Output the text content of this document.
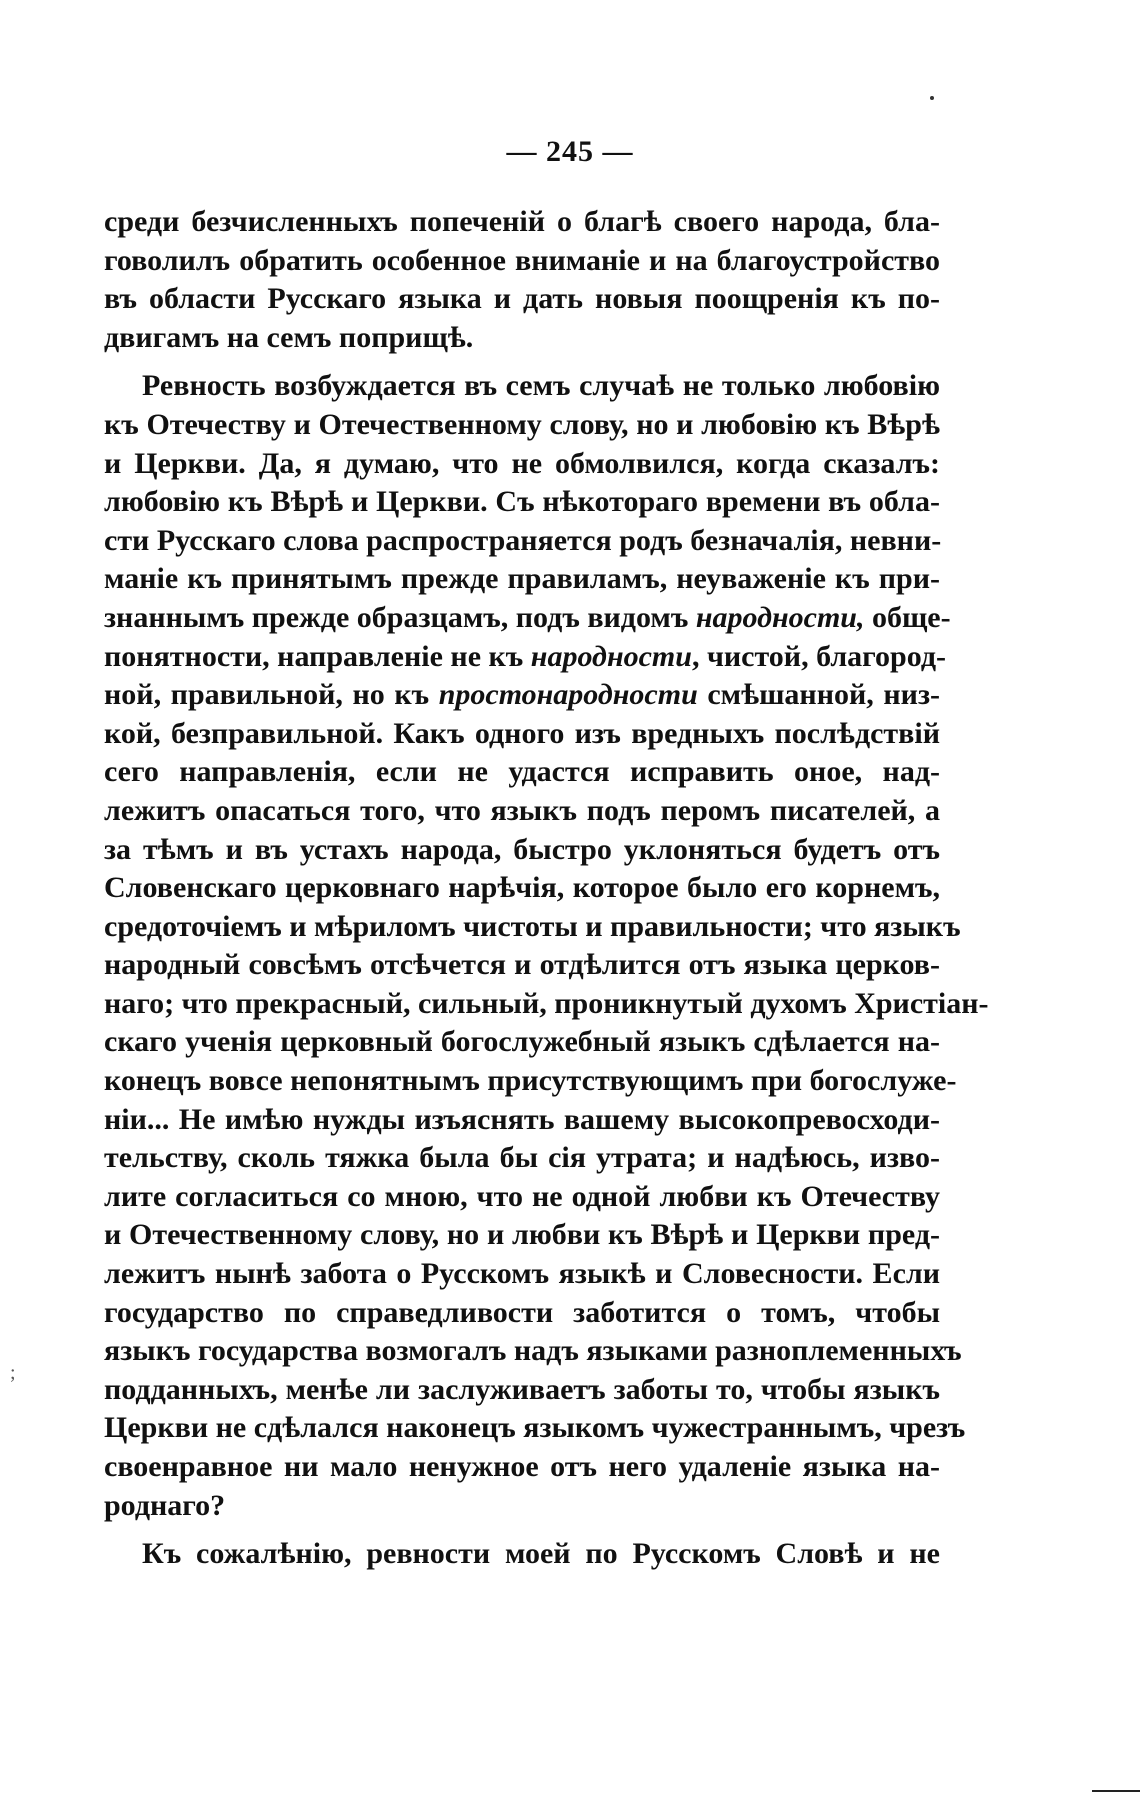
;
— 245 —

среди безчисленныхъ попеченій о благѣ своего народа, бла-
говолилъ обратить особенное вниманіе и на благоустройство
въ области Русскаго языка и дать новыя поощренія къ по-
двигамъ на семъ поприщѣ.

Ревность возбуждается въ семъ случаѣ не только любовію
къ Отечеству и Отечественному слову, но и любовію къ Вѣрѣ
и Церкви. Да, я думаю, что не обмолвился, когда сказалъ:
любовію къ Вѣрѣ и Церкви. Съ нѣкотораго времени въ обла-
сти Русскаго слова распространяется родъ безначалія, невни-
маніе къ принятымъ прежде правиламъ, неуваженіе къ при-
знаннымъ прежде образцамъ, подъ видомъ народности, обще-
понятности, направленіе не къ народности, чистой, благород-
ной, правильной, но къ простонародности смѣшанной, низ-
кой, безправильной. Какъ одного изъ вредныхъ послѣдствій
сего направленія, если не удастся исправить оное, над-
лежитъ опасаться того, что языкъ подъ перомъ писателей, а
за тѣмъ и въ устахъ народа, быстро уклоняться будетъ отъ
Словенскаго церковнаго нарѣчія, которое было его корнемъ,
средоточіемъ и мѣриломъ чистоты и правильности; что языкъ
народный совсѣмъ отсѣчется и отдѣлится отъ языка церков-
наго; что прекрасный, сильный, проникнутый духомъ Христіан-
скаго ученія церковный богослужебный языкъ сдѣлается на-
конецъ вовсе непонятнымъ присутствующимъ при богослуже-
ніи... Не имѣю нужды изъяснять вашему высокопревосходи-
тельству, сколь тяжка была бы сія утрата; и надѣюсь, изво-
лите согласиться со мною, что не одной любви къ Отечеству
и Отечественному слову, но и любви къ Вѣрѣ и Церкви пред-
лежитъ нынѣ забота о Русскомъ языкѣ и Словесности. Если
государство по справедливости заботится о томъ, чтобы
языкъ государства возмогалъ надъ языками разноплеменныхъ
подданныхъ, менѣе ли заслуживаетъ заботы то, чтобы языкъ
Церкви не сдѣлался наконецъ языкомъ чужестраннымъ, чрезъ
своенравное ни мало ненужное отъ него удаленіе языка на-
роднаго?

Къ сожалѣнію, ревности моей по Русскомъ Словѣ и не
